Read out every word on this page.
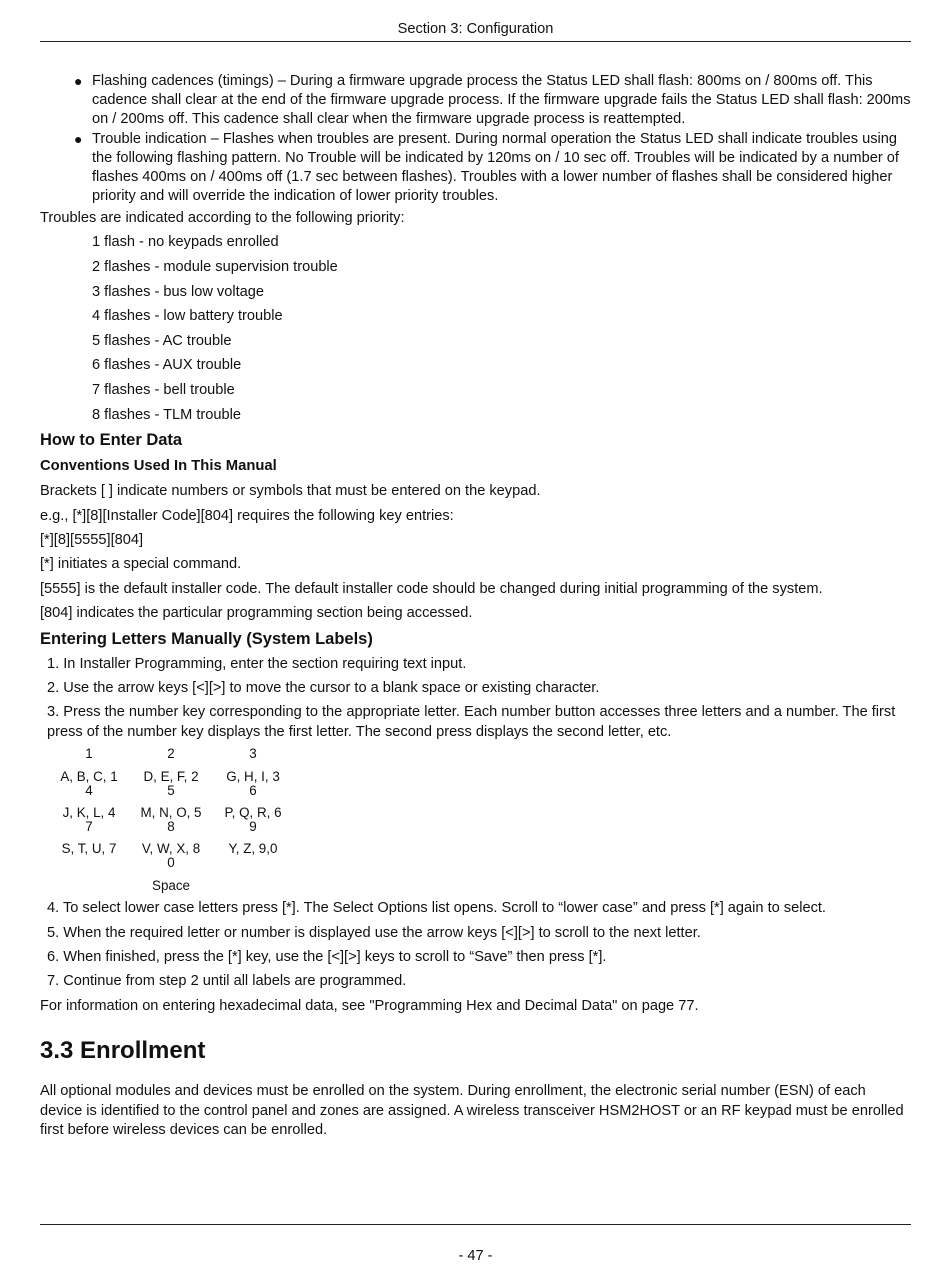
Section 3: Configuration
● Flashing cadences (timings) – During a firmware upgrade process the Status LED shall flash: 800ms on / 800ms off. This cadence shall clear at the end of the firmware upgrade process. If the firmware upgrade fails the Status LED shall flash: 200ms on / 200ms off. This cadence shall clear when the firmware upgrade process is reattempted.
● Trouble indication – Flashes when troubles are present. During normal operation the Status LED shall indicate troubles using the following flashing pattern. No Trouble will be indicated by 120ms on / 10 sec off. Troubles will be indicated by a number of flashes 400ms on / 400ms off (1.7 sec between flashes). Troubles with a lower number of flashes shall be considered higher priority and will override the indication of lower priority troubles.

Troubles are indicated according to the following priority:

1 flash - no keypads enrolled
2 flashes - module supervision trouble
3 flashes - bus low voltage
4 flashes - low battery trouble
5 flashes - AC trouble
6 flashes - AUX trouble
7 flashes - bell trouble
8 flashes - TLM trouble
How to Enter Data
Conventions Used In This Manual

Brackets [ ] indicate numbers or symbols that must be entered on the keypad.

e.g., [*][8][Installer Code][804] requires the following key entries:

[*][8][5555][804]

[*] initiates a special command.

[5555] is the default installer code. The default installer code should be changed during initial programming of the system.

[804] indicates the particular programming section being accessed.

Entering Letters Manually (System Labels)
1. In Installer Programming, enter the section requiring text input.
2. Use the arrow keys [<][>] to move the cursor to a blank space or existing character.
3. Press the number key corresponding to the appropriate letter. Each number button accesses three letters and a number. The first press of the number key displays the first letter. The second press displays the second letter, etc.
1	2	3
A, B, C, 1	D, E, F, 2	G, H, I, 3
4	5	6
J, K, L, 4	M, N, O, 5	P, Q, R, 6
7	8	9
S, T, U, 7	V, W, X, 8	Y, Z, 9,0
	0	
	Space	
4. To select lower case letters press [*]. The Select Options list opens. Scroll to “lower case” and press [*] again to select.
5. When the required letter or number is displayed use the arrow keys [<][>] to scroll to the next letter.
6. When finished, press the [*] key, use the [<][>] keys to scroll to “Save” then press [*].
7. Continue from step 2 until all labels are programmed.

For information on entering hexadecimal data, see "Programming Hex and Decimal Data" on page 77.

3.3 Enrollment

All optional modules and devices must be enrolled on the system. During enrollment, the electronic serial number (ESN) of each device is identified to the control panel and zones are assigned. A wireless transceiver HSM2HOST or an RF keypad must be enrolled first before wireless devices can be enrolled.

- 47 -
